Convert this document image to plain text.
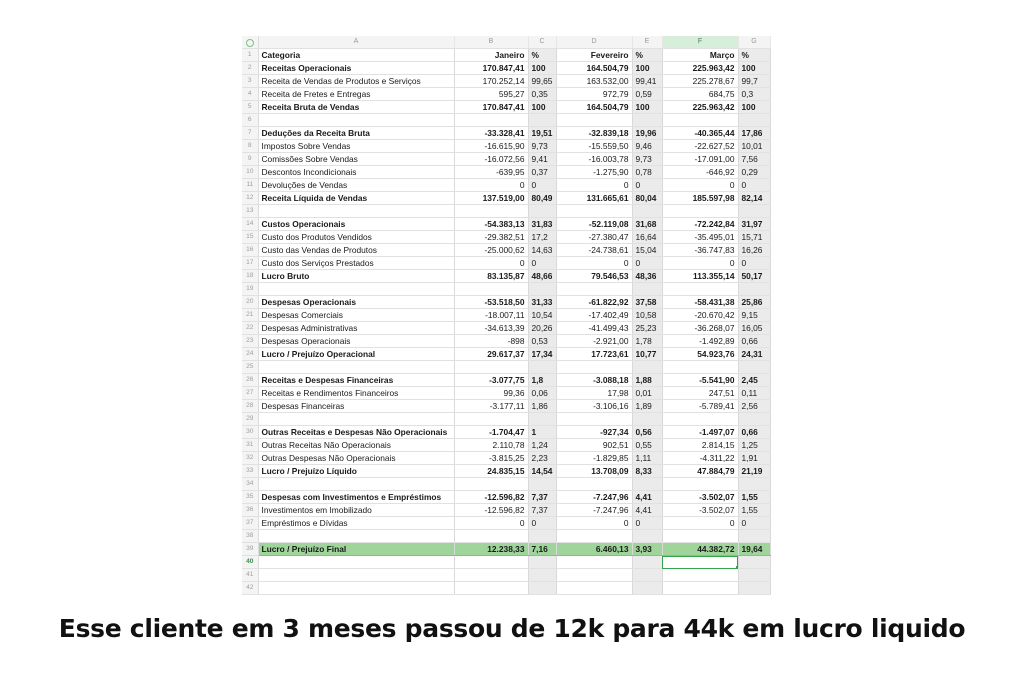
	A	B	C	D	E	F	G
1	Categoria	Janeiro	%	Fevereiro	%	Março	%
2	Receitas Operacionais	170.847,41	100	164.504,79	100	225.963,42	100
3	Receita de Vendas de Produtos e Serviços	170.252,14	99,65	163.532,00	99,41	225.278,67	99,7
4	Receita de Fretes e Entregas	595,27	0,35	972,79	0,59	684,75	0,3
5	Receita Bruta de Vendas	170.847,41	100	164.504,79	100	225.963,42	100
6							
7	Deduções da Receita Bruta	-33.328,41	19,51	-32.839,18	19,96	-40.365,44	17,86
8	Impostos Sobre Vendas	-16.615,90	9,73	-15.559,50	9,46	-22.627,52	10,01
9	Comissões Sobre Vendas	-16.072,56	9,41	-16.003,78	9,73	-17.091,00	7,56
10	Descontos Incondicionais	-639,95	0,37	-1.275,90	0,78	-646,92	0,29
11	Devoluções de Vendas	0	0	0	0	0	0
12	Receita Líquida de Vendas	137.519,00	80,49	131.665,61	80,04	185.597,98	82,14
13							
14	Custos Operacionais	-54.383,13	31,83	-52.119,08	31,68	-72.242,84	31,97
15	Custo dos Produtos Vendidos	-29.382,51	17,2	-27.380,47	16,64	-35.495,01	15,71
16	Custo das Vendas de Produtos	-25.000,62	14,63	-24.738,61	15,04	-36.747,83	16,26
17	Custo dos Serviços Prestados	0	0	0	0	0	0
18	Lucro Bruto	83.135,87	48,66	79.546,53	48,36	113.355,14	50,17
19							
20	Despesas Operacionais	-53.518,50	31,33	-61.822,92	37,58	-58.431,38	25,86
21	Despesas Comerciais	-18.007,11	10,54	-17.402,49	10,58	-20.670,42	9,15
22	Despesas Administrativas	-34.613,39	20,26	-41.499,43	25,23	-36.268,07	16,05
23	Despesas Operacionais	-898	0,53	-2.921,00	1,78	-1.492,89	0,66
24	Lucro / Prejuízo Operacional	29.617,37	17,34	17.723,61	10,77	54.923,76	24,31
25							
26	Receitas e Despesas Financeiras	-3.077,75	1,8	-3.088,18	1,88	-5.541,90	2,45
27	Receitas e Rendimentos Financeiros	99,36	0,06	17,98	0,01	247,51	0,11
28	Despesas Financeiras	-3.177,11	1,86	-3.106,16	1,89	-5.789,41	2,56
29							
30	Outras Receitas e Despesas Não Operacionais	-1.704,47	1	-927,34	0,56	-1.497,07	0,66
31	Outras Receitas Não Operacionais	2.110,78	1,24	902,51	0,55	2.814,15	1,25
32	Outras Despesas Não Operacionais	-3.815,25	2,23	-1.829,85	1,11	-4.311,22	1,91
33	Lucro / Prejuízo Líquido	24.835,15	14,54	13.708,09	8,33	47.884,79	21,19
34							
35	Despesas com Investimentos e Empréstimos	-12.596,82	7,37	-7.247,96	4,41	-3.502,07	1,55
36	Investimentos em Imobilizado	-12.596,82	7,37	-7.247,96	4,41	-3.502,07	1,55
37	Empréstimos e Dívidas	0	0	0	0	0	0
38							
39	Lucro / Prejuízo Final	12.238,33	7,16	6.460,13	3,93	44.382,72	19,64
40						

41							
42							
Esse cliente em 3 meses passou de 12k para 44k em lucro liquido
